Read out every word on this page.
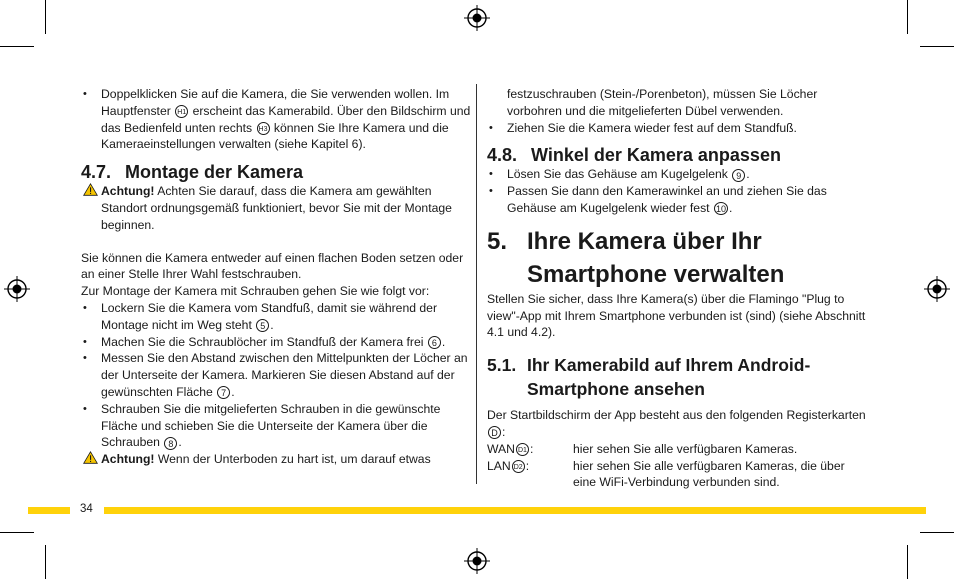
• Doppelklicken Sie auf die Kamera, die Sie verwenden wollen. Im Hauptfenster H1 erscheint das Kamerabild. Über den Bildschirm und das Bedienfeld unten rechts H3 können Sie Ihre Kamera und die Kameraeinstellungen verwalten (siehe Kapitel 6).
4.7. Montage der Kamera
Achtung! Achten Sie darauf, dass die Kamera am gewählten Standort ordnungsgemäß funktioniert, bevor Sie mit der Montage beginnen.

Sie können die Kamera entweder auf einen flachen Boden setzen oder an einer Stelle Ihrer Wahl festschrauben.

Zur Montage der Kamera mit Schrauben gehen Sie wie folgt vor:

• Lockern Sie die Kamera vom Standfuß, damit sie während der Montage nicht im Weg steht 5 .
• Machen Sie die Schraublöcher im Standfuß der Kamera frei 6 .
• Messen Sie den Abstand zwischen den Mittelpunkten der Löcher an der Unterseite der Kamera. Markieren Sie diesen Abstand auf der gewünschten Fläche 7 .
• Schrauben Sie die mitgelieferten Schrauben in die gewünschte Fläche und schieben Sie die Unterseite der Kamera über die Schrauben 8 .
Achtung! Wenn der Unterboden zu hart ist, um darauf etwas

festzuschrauben (Stein-/Porenbeton), müssen Sie Löcher vorbohren und die mitgelieferten Dübel verwenden.

• Ziehen Sie die Kamera wieder fest auf dem Standfuß.
4.8. Winkel der Kamera anpassen
• Lösen Sie das Gehäuse am Kugelgelenk 9 .
• Passen Sie dann den Kamerawinkel an und ziehen Sie das Gehäuse am Kugelgelenk wieder fest 10 .
5. Ihre Kamera über Ihr
Smartphone verwalten

Stellen Sie sicher, dass Ihre Kamera(s) über die Flamingo "Plug to view"-App mit Ihrem Smartphone verbunden ist (sind) (siehe Abschnitt 4.1 und 4.2).

5.1. Ihr Kamerabild auf Ihrem Android-
Smartphone ansehen

Der Startbildschirm der App besteht aus den folgenden RegisterkartenD :

WAN D1 :	hier sehen Sie alle verfügbaren Kameras.
LAN D2 :	hier sehen Sie alle verfügbaren Kameras, die über eine WiFi-Verbindung verbunden sind.
34
